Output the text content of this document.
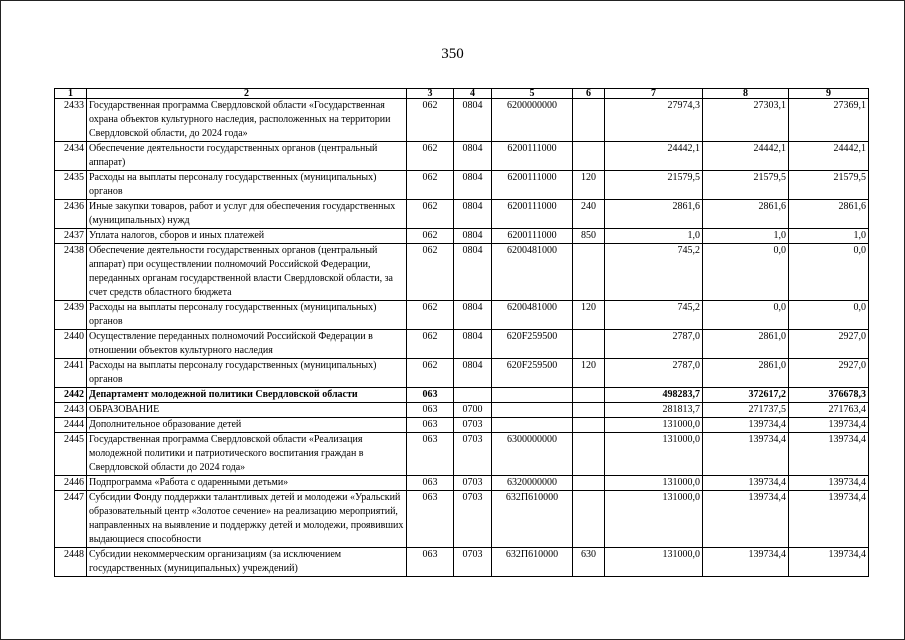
350
1	2	3	4	5	6	7	8	9
2433	Государственная программа Свердловской области «Государственная охрана объектов культурного наследия, расположенных на территории Свердловской области, до 2024 года»	062	0804	6200000000		27974,3	27303,1	27369,1
2434	Обеспечение деятельности государственных органов (центральный аппарат)	062	0804	6200111000		24442,1	24442,1	24442,1
2435	Расходы на выплаты персоналу государственных (муниципальных) органов	062	0804	6200111000	120	21579,5	21579,5	21579,5
2436	Иные закупки товаров, работ и услуг для обеспечения государственных (муниципальных) нужд	062	0804	6200111000	240	2861,6	2861,6	2861,6
2437	Уплата налогов, сборов и иных платежей	062	0804	6200111000	850	1,0	1,0	1,0
2438	Обеспечение деятельности государственных органов (центральный аппарат) при осуществлении полномочий Российской Федерации, переданных органам государственной власти Свердловской области, за счет средств областного бюджета	062	0804	6200481000		745,2	0,0	0,0
2439	Расходы на выплаты персоналу государственных (муниципальных) органов	062	0804	6200481000	120	745,2	0,0	0,0
2440	Осуществление переданных полномочий Российской Федерации в отношении объектов культурного наследия	062	0804	620F259500		2787,0	2861,0	2927,0
2441	Расходы на выплаты персоналу государственных (муниципальных) органов	062	0804	620F259500	120	2787,0	2861,0	2927,0
2442	Департамент молодежной политики Свердловской области	063				498283,7	372617,2	376678,3
2443	ОБРАЗОВАНИЕ	063	0700			281813,7	271737,5	271763,4
2444	Дополнительное образование детей	063	0703			131000,0	139734,4	139734,4
2445	Государственная программа Свердловской области «Реализация молодежной политики и патриотического воспитания граждан в Свердловской области до 2024 года»	063	0703	6300000000		131000,0	139734,4	139734,4
2446	Подпрограмма «Работа с одаренными детьми»	063	0703	6320000000		131000,0	139734,4	139734,4
2447	Субсидии Фонду поддержки талантливых детей и молодежи «Уральский образовательный центр «Золотое сечение» на реализацию мероприятий, направленных на выявление и поддержку детей и молодежи, проявивших выдающиеся способности	063	0703	632П610000		131000,0	139734,4	139734,4
2448	Субсидии некоммерческим организациям (за исключением государственных (муниципальных) учреждений)	063	0703	632П610000	630	131000,0	139734,4	139734,4
